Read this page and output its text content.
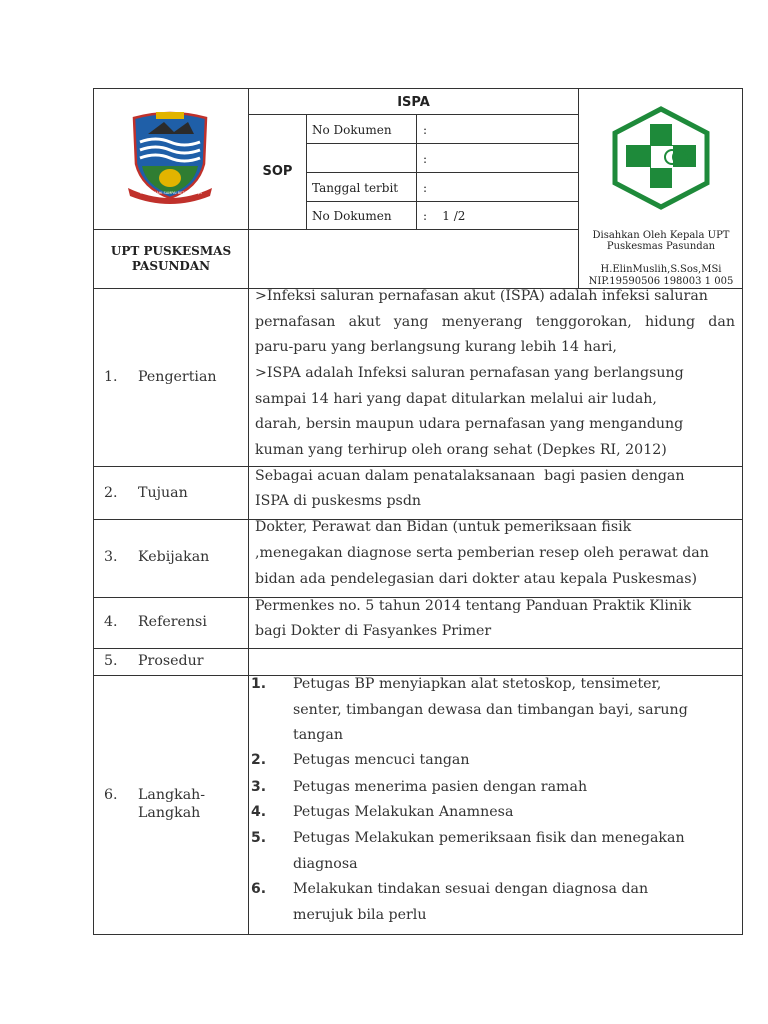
INTO CIMAHI SAMPAI BETAI SAHAJA
ISPA
SOP
No Dokumen	:
:
Tanggal terbit :
No Dokumen	:    1 /2
UPT PUSKESMAS
PASUNDAN
Disahkan Oleh Kepala UPT
Puskesmas Pasundan
H.ElinMuslih,S.Sos,MSi
NIP.19590506 198003 1 005
1. Pengertian
>Infeksi saluran pernafasan akut (ISPA) adalah infeksi saluran
pernafasan akut yang menyerang tenggorokan, hidung dan
paru-paru yang berlangsung kurang lebih 14 hari,
>ISPA adalah Infeksi saluran pernafasan yang berlangsung
sampai 14 hari yang dapat ditularkan melalui air ludah,
darah, bersin maupun udara pernafasan yang mengandung
kuman yang terhirup oleh orang sehat (Depkes RI, 2012)
2. Tujuan
Sebagai acuan dalam penatalaksanaan  bagi pasien dengan
ISPA di puskesms psdn
3. Kebijakan
Dokter, Perawat dan Bidan (untuk pemeriksaan fisik
,menegakan diagnose serta pemberian resep oleh perawat dan
bidan ada pendelegasian dari dokter atau kepala Puskesmas)
4. Referensi
Permenkes no. 5 tahun 2014 tentang Panduan Praktik Klinik
bagi Dokter di Fasyankes Primer
5. Prosedur
6. Langkah-
Langkah
1. Petugas BP menyiapkan alat stetoskop, tensimeter,
senter, timbangan dewasa dan timbangan bayi, sarung
tangan
2. Petugas mencuci tangan
3. Petugas menerima pasien dengan ramah
4. Petugas Melakukan Anamnesa
5. Petugas Melakukan pemeriksaan fisik dan menegakan
diagnosa
6. Melakukan tindakan sesuai dengan diagnosa dan
merujuk bila perlu
